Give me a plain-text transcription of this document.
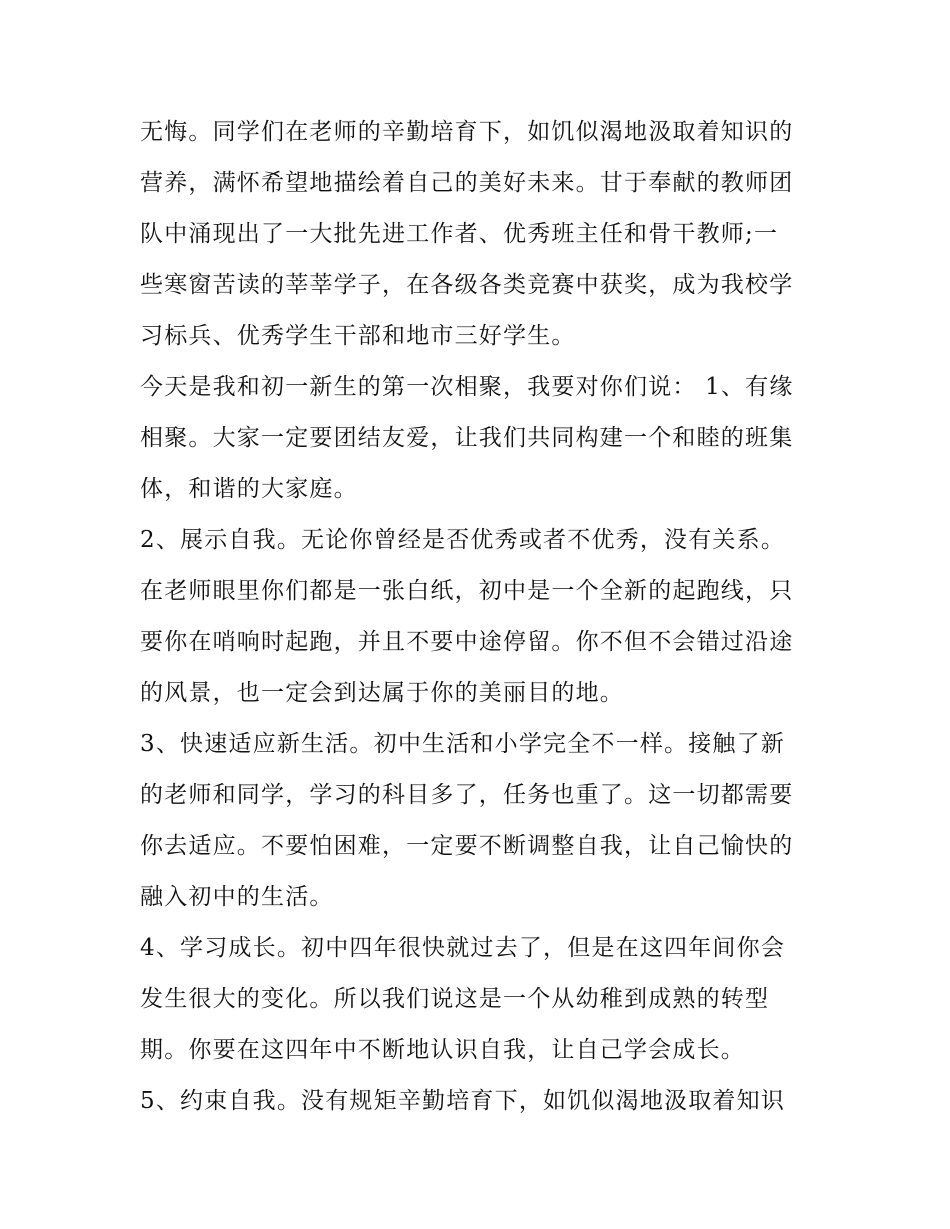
无悔。同学们在老师的辛勤培育下，如饥似渴地汲取着知识的
营养，满怀希望地描绘着自己的美好未来。甘于奉献的教师团
队中涌现出了一大批先进工作者、优秀班主任和骨干教师;一
些寒窗苦读的莘莘学子，在各级各类竞赛中获奖，成为我校学
习标兵、优秀学生干部和地市三好学生。
今天是我和初一新生的第一次相聚，我要对你们说： 1、有缘
相聚。大家一定要团结友爱，让我们共同构建一个和睦的班集
体，和谐的大家庭。
2、展示自我。无论你曾经是否优秀或者不优秀，没有关系。
在老师眼里你们都是一张白纸，初中是一个全新的起跑线，只
要你在哨响时起跑，并且不要中途停留。你不但不会错过沿途
的风景，也一定会到达属于你的美丽目的地。
3、快速适应新生活。初中生活和小学完全不一样。接触了新
的老师和同学，学习的科目多了，任务也重了。这一切都需要
你去适应。不要怕困难，一定要不断调整自我，让自己愉快的
融入初中的生活。
4、学习成长。初中四年很快就过去了，但是在这四年间你会
发生很大的变化。所以我们说这是一个从幼稚到成熟的转型
期。你要在这四年中不断地认识自我，让自己学会成长。
5、约束自我。没有规矩辛勤培育下，如饥似渴地汲取着知识
